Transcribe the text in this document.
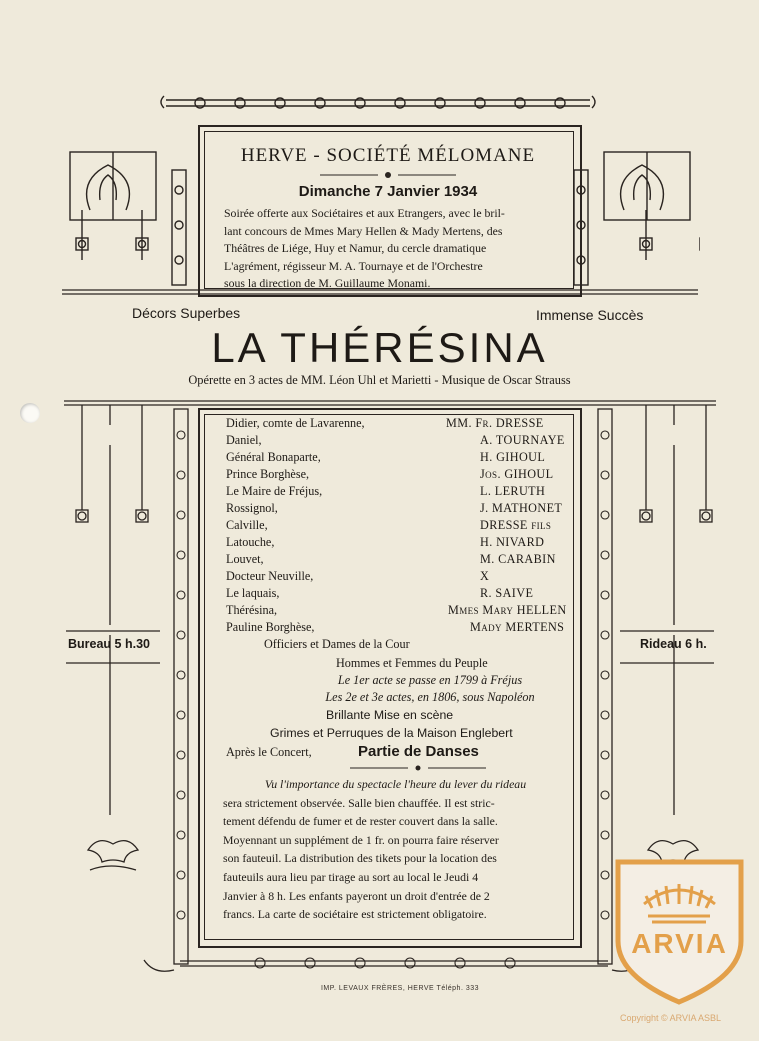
HERVE - SOCIÉTÉ MÉLOMANE
Dimanche 7 Janvier 1934
Soirée offerte aux Sociétaires et aux Etrangers, avec le bril-
lant concours de Mmes Mary Hellen & Mady Mertens, des
Théâtres de Liége, Huy et Namur, du cercle dramatique
L'agrément, régisseur M. A. Tournaye et de l'Orchestre
sous la direction de M. Guillaume Monami.
Décors Superbes	Immense Succès
LA THÉRÉSINA
Opérette en 3 actes de MM. Léon Uhl et Marietti - Musique de Oscar Strauss
Bureau 5 h.30	Rideau 6 h.
Didier, comte de Lavarenne,	MM. Fr. DRESSE
Daniel,	A. TOURNAYE
Général Bonaparte,	H. GIHOUL
Prince Borghèse,	Jos. GIHOUL
Le Maire de Fréjus,	L. LERUTH
Rossignol,	J. MATHONET
Calville,	DRESSE fils
Latouche,	H. NIVARD
Louvet,	M. CARABIN
Docteur Neuville,	X
Le laquais,	R. SAIVE
Thérésina,	Mmes Mary HELLEN
Pauline Borghèse,	Mady MERTENS
Officiers et Dames de la Cour
Hommes et Femmes du Peuple
Le 1er acte se passe en 1799 à Fréjus
Les 2e et 3e actes, en 1806, sous Napoléon
Brillante Mise en scène
Grimes et Perruques de la Maison Englebert
Après le Concert,	Partie de Danses
Vu l'importance du spectacle l'heure du lever du rideau
sera strictement observée. Salle bien chauffée. Il est stric-
tement défendu de fumer et de rester couvert dans la salle.
Moyennant un supplément de 1 fr. on pourra faire réserver
son fauteuil. La distribution des tikets pour la location des
fauteuils aura lieu par tirage au sort au local le Jeudi 4
Janvier à 8 h. Les enfants payeront un droit d'entrée de 2
francs. La carte de sociétaire est strictement obligatoire.
IMP. LEVAUX FRÈRES, HERVE Téléph. 333
ARVIA
Copyright © ARVIA ASBL
